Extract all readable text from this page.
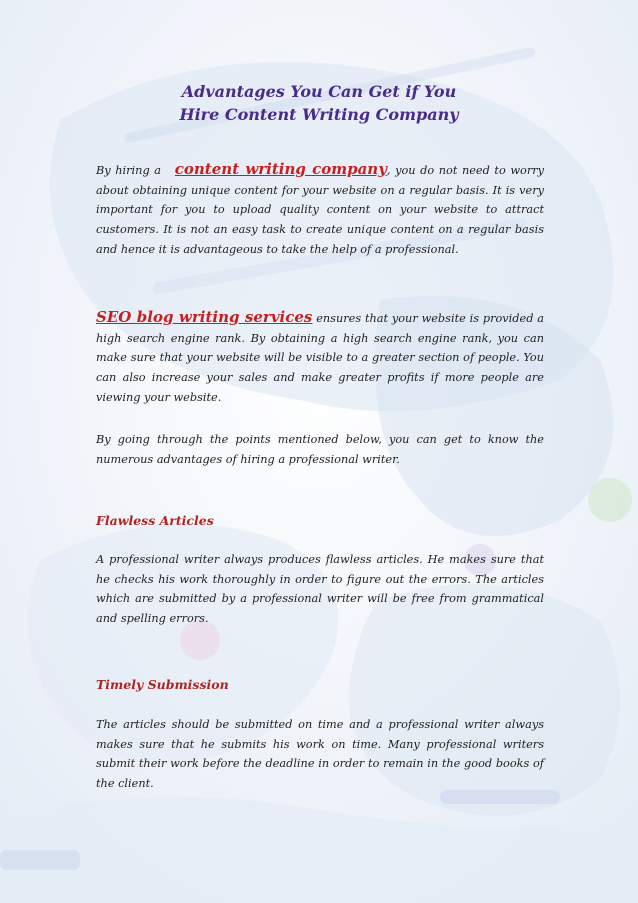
Advantages You Can Get if You
Hire Content Writing Company

By hiring a content writing company, you do not need to worry about obtaining unique content for your website on a regular basis. It is very important for you to upload quality content on your website to attract customers. It is not an easy task to create unique content on a regular basis and hence it is advantageous to take the help of a professional.

SEO blog writing services ensures that your website is provided a high search engine rank. By obtaining a high search engine rank, you can make sure that your website will be visible to a greater section of people. You can also increase your sales and make greater profits if more people are viewing your website.

By going through the points mentioned below, you can get to know the numerous advantages of hiring a professional writer.

Flawless Articles

A professional writer always produces flawless articles. He makes sure that he checks his work thoroughly in order to figure out the errors. The articles which are submitted by a professional writer will be free from grammatical and spelling errors.

Timely Submission

The articles should be submitted on time and a professional writer always makes sure that he submits his work on time. Many professional writers submit their work before the deadline in order to remain in the good books of the client.
